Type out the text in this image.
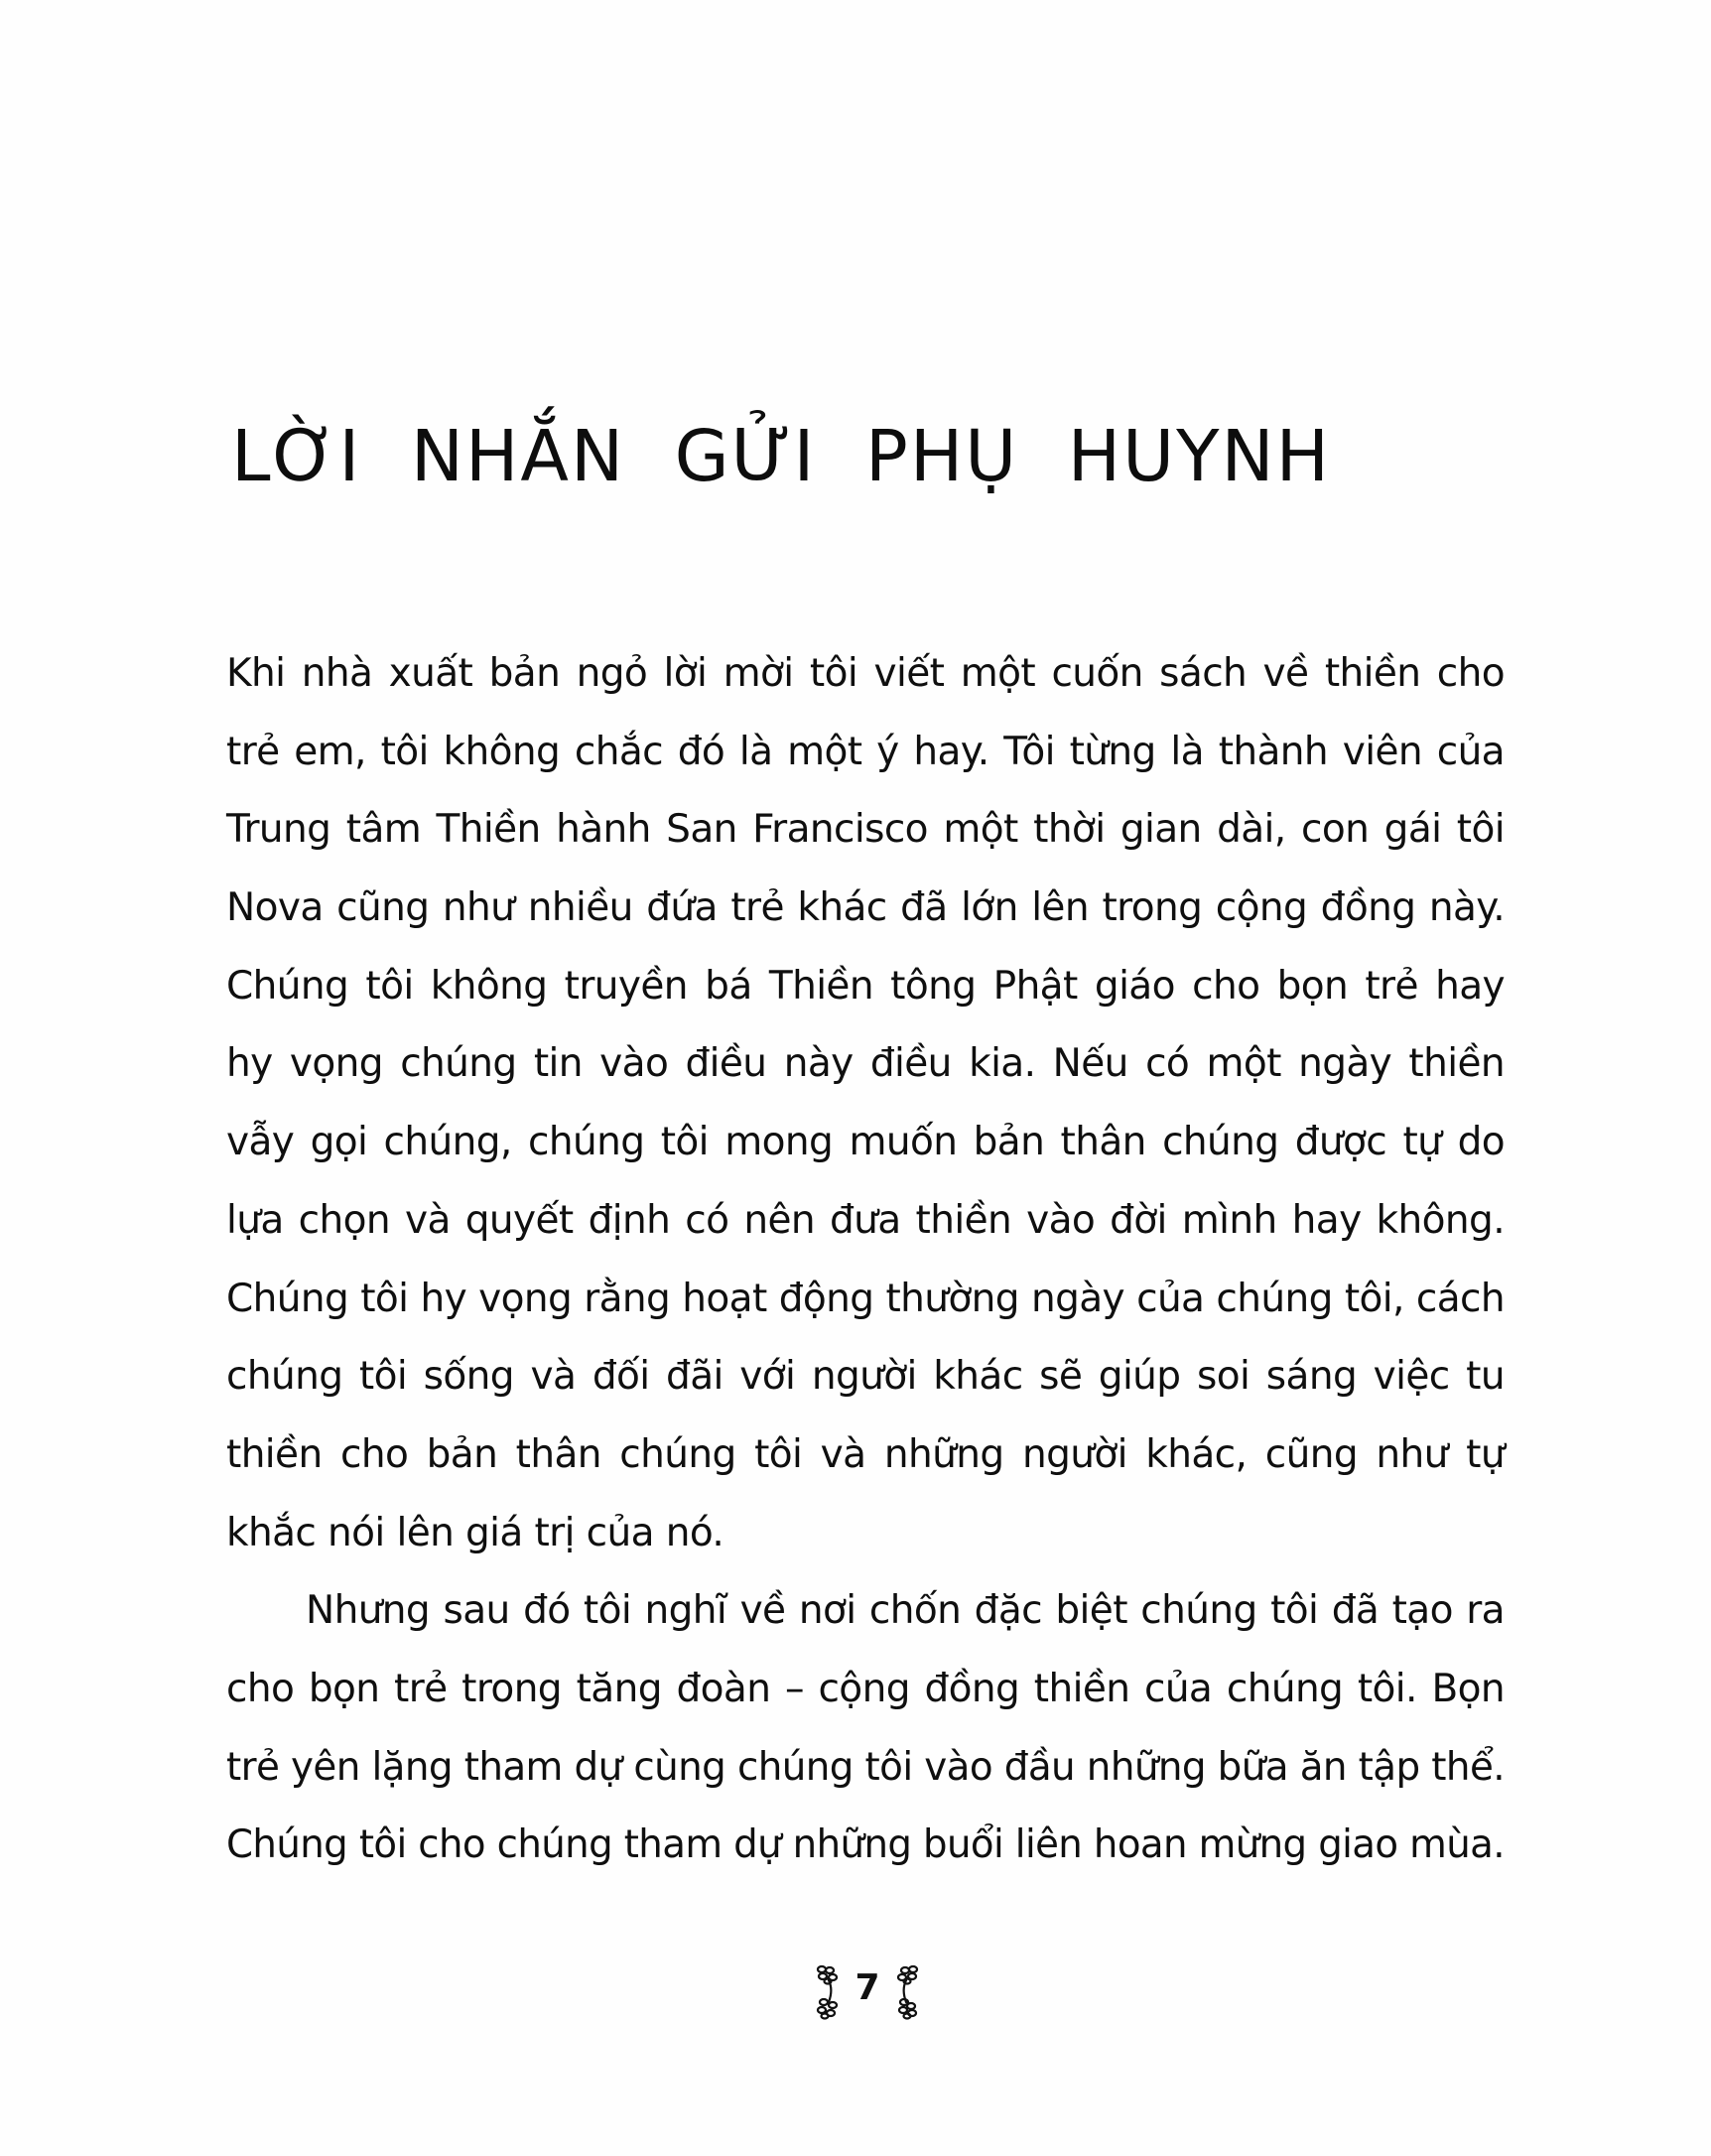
LỜI NHẮN GỬI PHỤ HUYNH
Khi nhà xuất bản ngỏ lời mời tôi viết một cuốn sách về thiền cho
trẻ em, tôi không chắc đó là một ý hay. Tôi từng là thành viên của
Trung tâm Thiền hành San Francisco một thời gian dài, con gái tôi
Nova cũng như nhiều đứa trẻ khác đã lớn lên trong cộng đồng này.
Chúng tôi không truyền bá Thiền tông Phật giáo cho bọn trẻ hay
hy vọng chúng tin vào điều này điều kia. Nếu có một ngày thiền
vẫy gọi chúng, chúng tôi mong muốn bản thân chúng được tự do
lựa chọn và quyết định có nên đưa thiền vào đời mình hay không.
Chúng tôi hy vọng rằng hoạt động thường ngày của chúng tôi, cách
chúng tôi sống và đối đãi với người khác sẽ giúp soi sáng việc tu
thiền cho bản thân chúng tôi và những người khác, cũng như tự
khắc nói lên giá trị của nó.
Nhưng sau đó tôi nghĩ về nơi chốn đặc biệt chúng tôi đã tạo ra
cho bọn trẻ trong tăng đoàn – cộng đồng thiền của chúng tôi. Bọn
trẻ yên lặng tham dự cùng chúng tôi vào đầu những bữa ăn tập thể.
Chúng tôi cho chúng tham dự những buổi liên hoan mừng giao mùa.
7
